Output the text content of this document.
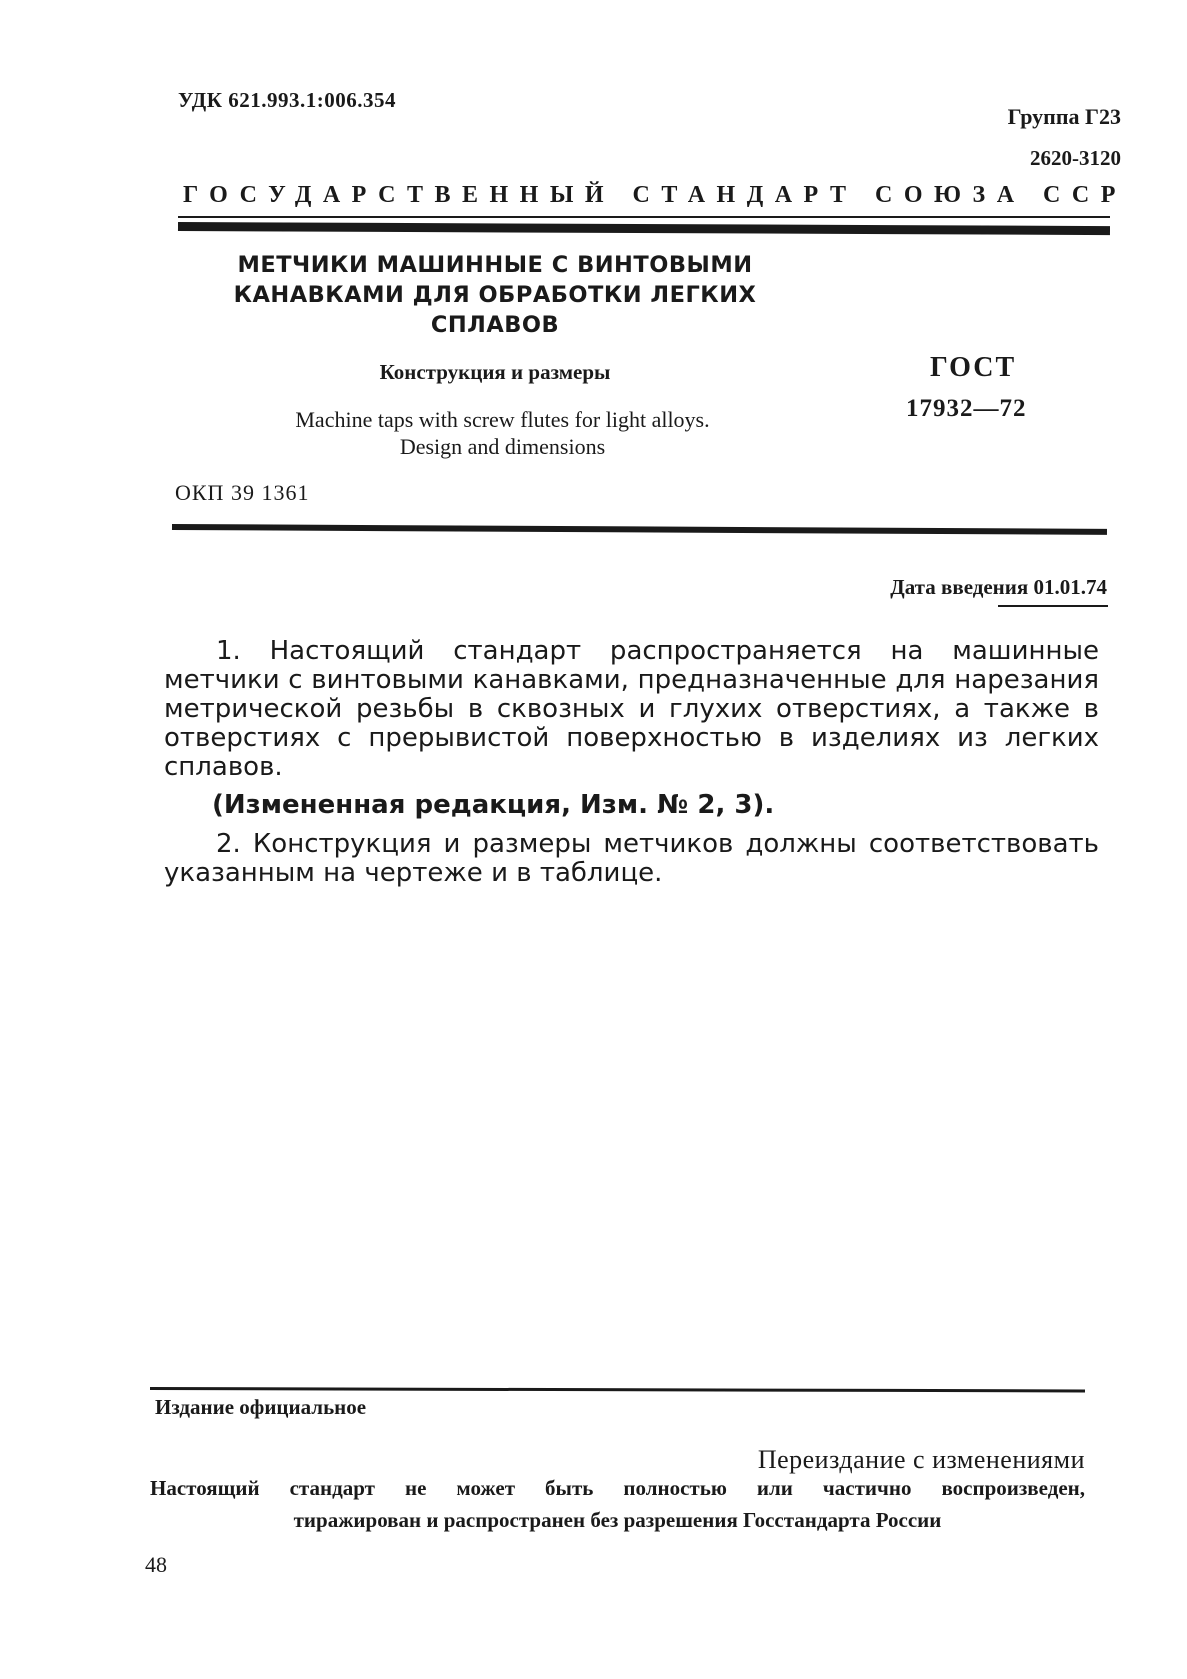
УДК 621.993.1:006.354
Группа Г23
2620-3120
ГОСУДАРСТВЕННЫЙ СТАНДАРТ СОЮЗА ССР
МЕТЧИКИ МАШИННЫЕ С ВИНТОВЫМИ
КАНАВКАМИ ДЛЯ ОБРАБОТКИ ЛЕГКИХ
СПЛАВОВ
Конструкция и размеры	ГОСТ
17932—72
Machine taps with screw flutes for light alloys.
Design and dimensions
ОКП 39 1361
Дата введения 01.01.74
1. Настоящий стандарт распространяется на машинные метчики с винтовыми канавками, предназначенные для нарезания метрической резьбы в сквозных и глухих отверстиях, а также в отверстиях с прерывистой поверхностью в изделиях из легких сплавов.
(Измененная редакция, Изм. № 2, 3).
2. Конструкция и размеры метчиков должны соответствовать указанным на чертеже и в таблице.
Издание официальное
Переиздание с изменениями
Настоящий стандарт не может быть полностью или частично воспроизведен,
тиражирован и распространен без разрешения Госстандарта России
48
